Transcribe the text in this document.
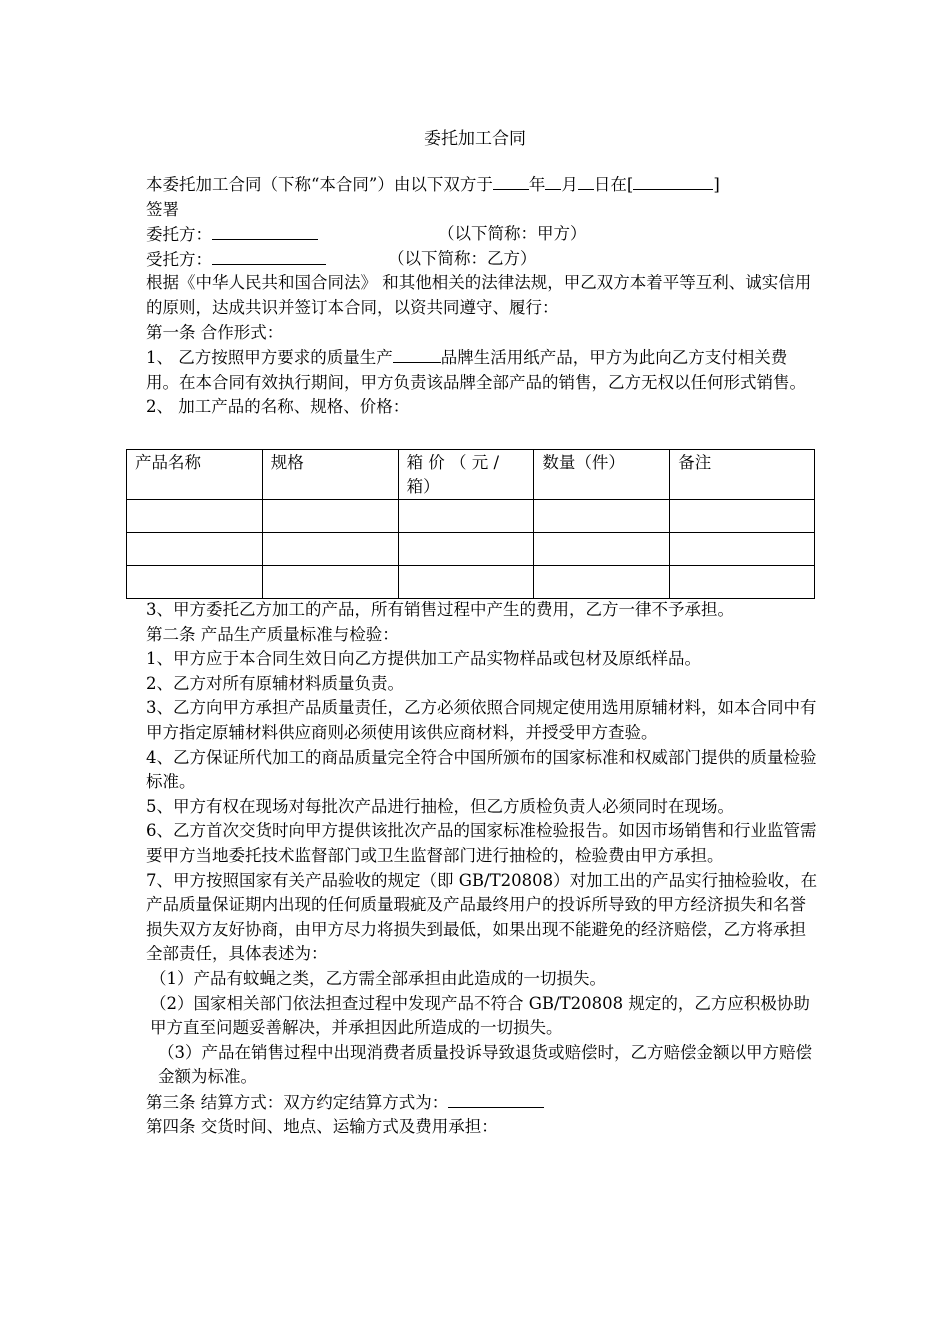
委托加工合同

本委托加工合同（下称“本合同”）由以下双方于 年 月 日在[	]

签署

委托方：	（以下简称：甲方）
受托方：	（以下简称：乙方）

根据《中华人民共和国合同法》 和其他相关的法律法规，甲乙双方本着平等互利、诚实信用的原则，达成共识并签订本合同，以资共同遵守、履行：

第一条 合作形式：

1、 乙方按照甲方要求的质量生产	品牌生活用纸产品，甲方为此向乙方支付相关费用。在本合同有效执行期间，甲方负责该品牌全部产品的销售，乙方无权以任何形式销售。

2、 加工产品的名称、规格、价格：

产品名称	规格	箱 价 （ 元 / 箱）	数量（件）	备注

3、甲方委托乙方加工的产品，所有销售过程中产生的费用，乙方一律不予承担。

第二条 产品生产质量标准与检验：

1、甲方应于本合同生效日向乙方提供加工产品实物样品或包材及原纸样品。

2、乙方对所有原辅材料质量负责。

3、乙方向甲方承担产品质量责任，乙方必须依照合同规定使用选用原辅材料，如本合同中有甲方指定原辅材料供应商则必须使用该供应商材料，并授受甲方查验。

4、乙方保证所代加工的商品质量完全符合中国所颁布的国家标准和权威部门提供的质量检验标准。

5、甲方有权在现场对每批次产品进行抽检，但乙方质检负责人必须同时在现场。

6、乙方首次交货时向甲方提供该批次产品的国家标准检验报告。如因市场销售和行业监管需要甲方当地委托技术监督部门或卫生监督部门进行抽检的，检验费由甲方承担。

7、甲方按照国家有关产品验收的规定（即 GB/T20808）对加工出的产品实行抽检验收，在产品质量保证期内出现的任何质量瑕疵及产品最终用户的投诉所导致的甲方经济损失和名誉损失双方友好协商，由甲方尽力将损失到最低，如果出现不能避免的经济赔偿，乙方将承担全部责任，具体表述为：

（1）产品有蚊蝇之类，乙方需全部承担由此造成的一切损失。

（2）国家相关部门依法担查过程中发现产品不符合 GB/T20808 规定的，乙方应积极协助甲方直至问题妥善解决，并承担因此所造成的一切损失。

（3）产品在销售过程中出现消费者质量投诉导致退货或赔偿时，乙方赔偿金额以甲方赔偿金额为标准。

第三条 结算方式：双方约定结算方式为：

第四条 交货时间、地点、运输方式及费用承担：
